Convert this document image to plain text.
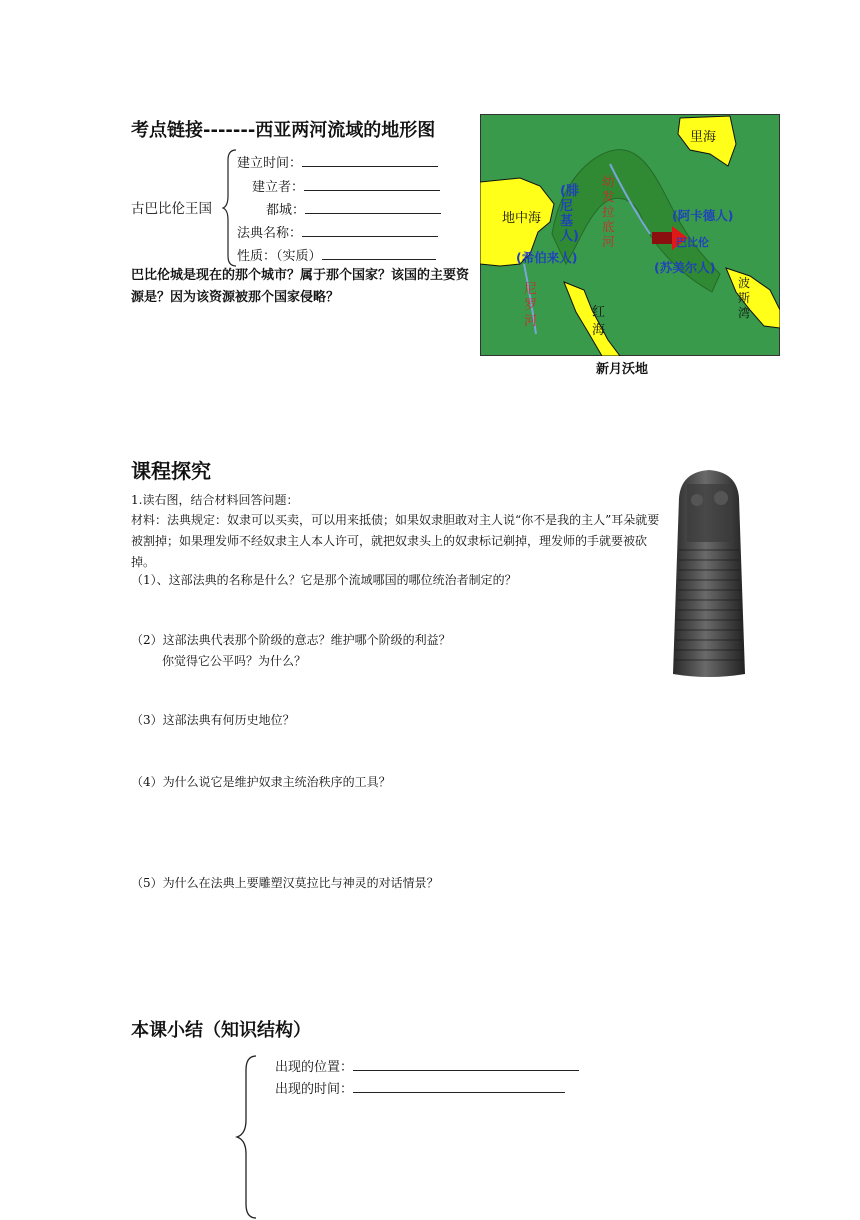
考点链接-------西亚两河流域的地形图
古巴比伦王国
建立时间：
建立者：
都城：
法典名称：
性质：（实质）
巴比伦城是现在的那个城市？属于那个国家？该国的主要资源是？因为该资源被那个国家侵略？
里海
地中海
(腓尼基人)
(希伯来人)
尼罗河
红海
幼发拉底河
(阿卡德人)
巴比伦
(苏美尔人)
波斯湾
新月沃地
课程探究
1.读右图，结合材料回答问题：
材料：法典规定：奴隶可以买卖，可以用来抵债；如果奴隶胆敢对主人说“你不是我的主人”耳朵就要被割掉；如果理发师不经奴隶主人本人许可，就把奴隶头上的奴隶标记剃掉，理发师的手就要被砍掉。
（1）、这部法典的名称是什么？它是那个流域哪国的哪位统治者制定的？
（2）这部法典代表那个阶级的意志？维护哪个阶级的利益？
你觉得它公平吗？为什么？
（3）这部法典有何历史地位？
（4）为什么说它是维护奴隶主统治秩序的工具？
（5）为什么在法典上要雕塑汉莫拉比与神灵的对话情景？
本课小结（知识结构）
出现的位置：
出现的时间：
